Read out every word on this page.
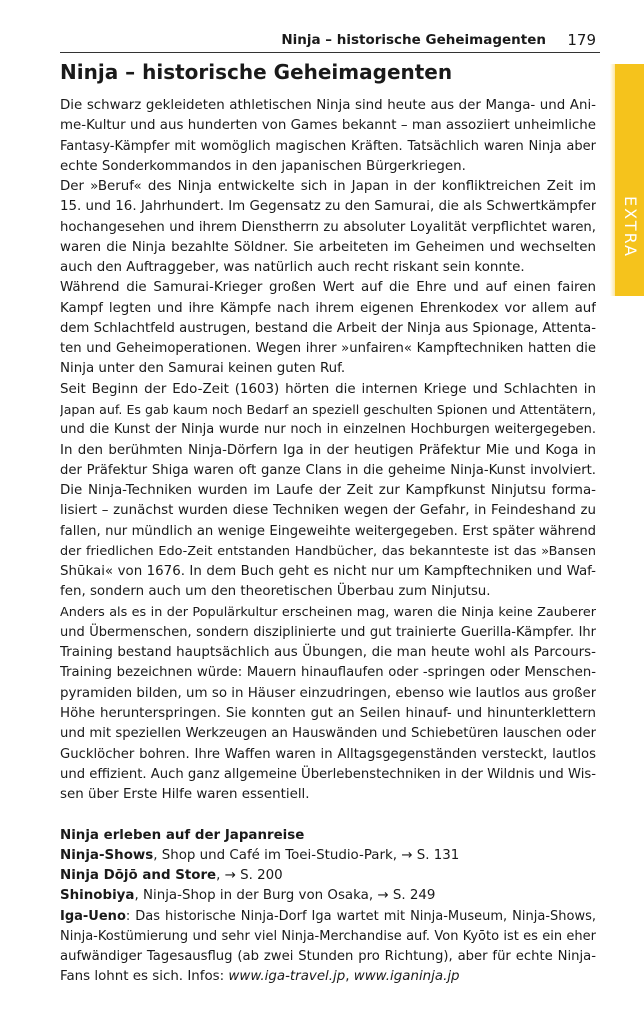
Ninja – historische Geheimagenten 179
EXTRA
Ninja – historische Geheimagenten
Die schwarz gekleideten athletischen Ninja sind heute aus der Manga- und Ani-
me-Kultur und aus hunderten von Games bekannt – man assoziiert unheimliche
Fantasy-Kämpfer mit womöglich magischen Kräften. Tatsächlich waren Ninja aber
echte Sonderkommandos in den japanischen Bürgerkriegen.
Der »Beruf« des Ninja entwickelte sich in Japan in der konfliktreichen Zeit im
15. und 16. Jahrhundert. Im Gegensatz zu den Samurai, die als Schwertkämpfer
hochangesehen und ihrem Dienstherrn zu absoluter Loyalität verpflichtet waren,
waren die Ninja bezahlte Söldner. Sie arbeiteten im Geheimen und wechselten
auch den Auftraggeber, was natürlich auch recht riskant sein konnte.
Während die Samurai-Krieger großen Wert auf die Ehre und auf einen fairen
Kampf legten und ihre Kämpfe nach ihrem eigenen Ehrenkodex vor allem auf
dem Schlachtfeld austrugen, bestand die Arbeit der Ninja aus Spionage, Attenta-
ten und Geheimoperationen. Wegen ihrer »unfairen« Kampftechniken hatten die
Ninja unter den Samurai keinen guten Ruf.
Seit Beginn der Edo-Zeit (1603) hörten die internen Kriege und Schlachten in
Japan auf. Es gab kaum noch Bedarf an speziell geschulten Spionen und Attentätern,
und die Kunst der Ninja wurde nur noch in einzelnen Hochburgen weitergegeben.
In den berühmten Ninja-Dörfern Iga in der heutigen Präfektur Mie und Koga in
der Präfektur Shiga waren oft ganze Clans in die geheime Ninja-Kunst involviert.
Die Ninja-Techniken wurden im Laufe der Zeit zur Kampfkunst Ninjutsu forma-
lisiert – zunächst wurden diese Techniken wegen der Gefahr, in Feindeshand zu
fallen, nur mündlich an wenige Eingeweihte weitergegeben. Erst später während
der friedlichen Edo-Zeit entstanden Handbücher, das bekannteste ist das »Bansen
Shūkai« von 1676. In dem Buch geht es nicht nur um Kampftechniken und Waf-
fen, sondern auch um den theoretischen Überbau zum Ninjutsu.
Anders als es in der Populärkultur erscheinen mag, waren die Ninja keine Zauberer
und Übermenschen, sondern disziplinierte und gut trainierte Guerilla-Kämpfer. Ihr
Training bestand hauptsächlich aus Übungen, die man heute wohl als Parcours-
Training bezeichnen würde: Mauern hinauflaufen oder -springen oder Menschen-
pyramiden bilden, um so in Häuser einzudringen, ebenso wie lautlos aus großer
Höhe herunterspringen. Sie konnten gut an Seilen hinauf- und hinunterklettern
und mit speziellen Werkzeugen an Hauswänden und Schiebetüren lauschen oder
Gucklöcher bohren. Ihre Waffen waren in Alltagsgegenständen versteckt, lautlos
und effizient. Auch ganz allgemeine Überlebenstechniken in der Wildnis und Wis-
sen über Erste Hilfe waren essentiell.
Ninja erleben auf der Japanreise
Ninja-Shows, Shop und Café im Toei-Studio-Park, → S. 131
Ninja Dōjō and Store, → S. 200
Shinobiya, Ninja-Shop in der Burg von Osaka, → S. 249
Iga-Ueno: Das historische Ninja-Dorf Iga wartet mit Ninja-Museum, Ninja-Shows,
Ninja-Kostümierung und sehr viel Ninja-Merchandise auf. Von Kyōto ist es ein eher
aufwändiger Tagesausflug (ab zwei Stunden pro Richtung), aber für echte Ninja-
Fans lohnt es sich. Infos: www.iga-travel.jp, www.iganinja.jp
